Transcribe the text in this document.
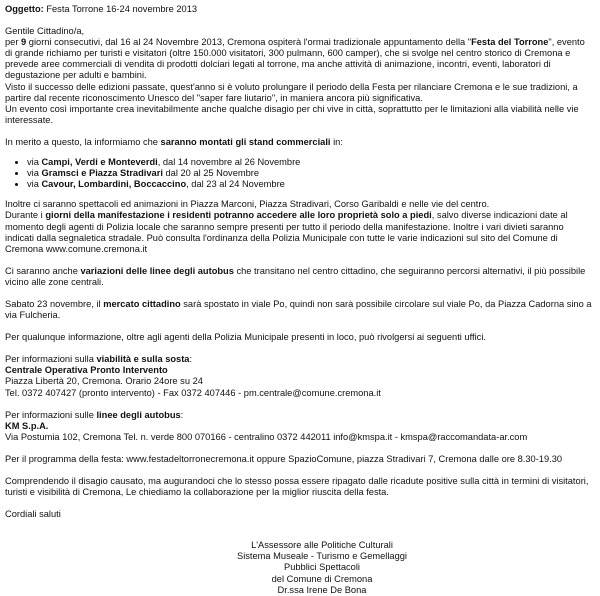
Oggetto: Festa Torrone 16-24 novembre 2013

Gentile Cittadino/a,

per 9 giorni consecutivi, dal 16 al 24 Novembre 2013, Cremona ospiterà l'ormai tradizionale appuntamento della "Festa del Torrone", evento di grande richiamo per turisti e visitatori (oltre 150.000 visitatori, 300 pulmann, 600 camper), che si svolge nel centro storico di Cremona e prevede aree commerciali di vendita di prodotti dolciari legati al torrone, ma anche attività di animazione, incontri, eventi, laboratori di degustazione per adulti e bambini.

Visto il successo delle edizioni passate, quest'anno si è voluto prolungare il periodo della Festa per rilanciare Cremona e le sue tradizioni, a partire dal recente riconoscimento Unesco del "saper fare liutario", in maniera ancora più significativa.

Un evento così importante crea inevitabilmente anche qualche disagio per chi vive in città, soprattutto per le limitazioni alla viabilità nelle vie interessate.

In merito a questo, la informiamo che saranno montati gli stand commerciali in:

• via Campi, Verdi e Monteverdi, dal 14 novembre al 26 Novembre
• via Gramsci e Piazza Stradivari dal 20 al 25 Novembre
• via Cavour, Lombardini, Boccaccino, dal 23 al 24 Novembre

Inoltre ci saranno spettacoli ed animazioni in Piazza Marconi, Piazza Stradivari, Corso Garibaldi e nelle vie del centro.

Durante i giorni della manifestazione i residenti potranno accedere alle loro proprietà solo a piedi, salvo diverse indicazioni date al momento degli agenti di Polizia locale che saranno sempre presenti per tutto il periodo della manifestazione. Inoltre i vari divieti saranno indicati dalla segnaletica stradale. Può consulta l'ordinanza della Polizia Municipale con tutte le varie indicazioni sul sito del Comune di Cremona www.comune.cremona.it

Ci saranno anche variazioni delle linee degli autobus che transitano nel centro cittadino, che seguiranno percorsi alternativi, il più possibile vicino alle zone centrali.

Sabato 23 novembre, il mercato cittadino sarà spostato in viale Po, quindi non sarà possibile circolare sul viale Po, da Piazza Cadorna sino a via Fulcheria.

Per qualunque informazione, oltre agli agenti della Polizia Municipale presenti in loco, può rivolgersi ai seguenti uffici.

Per informazioni sulla viabilità e sulla sosta:

Centrale Operativa Pronto Intervento

Piazza Libertà 20, Cremona. Orario 24ore su 24

Tel. 0372 407427 (pronto intervento) - Fax 0372 407446 - pm.centrale@comune.cremona.it

Per informazioni sulle linee degli autobus:

KM S.p.A.

Via Postumia 102, Cremona Tel. n. verde 800 070166 - centralino 0372 442011 info@kmspa.it - kmspa@raccomandata-ar.com

Per il programma della festa: www.festadeltorronecremona.it oppure SpazioComune, piazza Stradivari 7, Cremona dalle ore 8.30-19.30

Comprendendo il disagio causato, ma augurandoci che lo stesso possa essere ripagato dalle ricadute positive sulla città in termini di visitatori, turisti e visibilità di Cremona, Le chiediamo la collaborazione per la miglior riuscita della festa.

Cordiali saluti

L'Assessore alle Politiche Culturali

Sistema Museale - Turismo e Gemellaggi

Pubblici Spettacoli

del Comune di Cremona

Dr.ssa Irene De Bona
